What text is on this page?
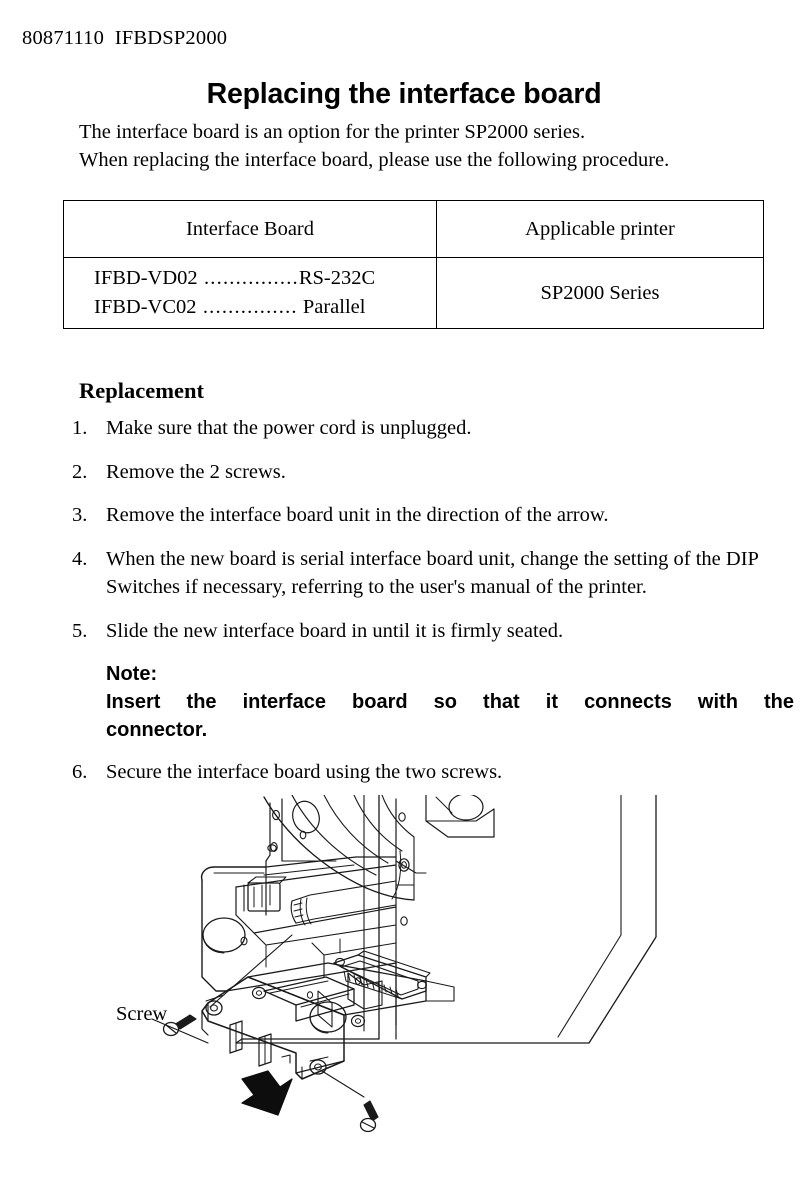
80871110  IFBDSP2000
Replacing the interface board
The interface board is an option for the printer SP2000 series.
When replacing the interface board, please use the following procedure.
Interface Board	Applicable printer

IFBD-VD02 ...............RS-232C
IFBD-VC02 ............... Parallel	SP2000 Series
Replacement
1. Make sure that the power cord is unplugged.
2. Remove the 2 screws.
3. Remove the interface board unit in the direction of the arrow.
4. When the new board is serial interface board unit, change the setting of the DIP Switches if necessary, referring to the user's manual of the printer.
5. Slide the new interface board in until it is firmly seated.
Note:
Insert the interface board so that it connects with the
connector.
6. Secure the interface board using the two screws.
Screw
